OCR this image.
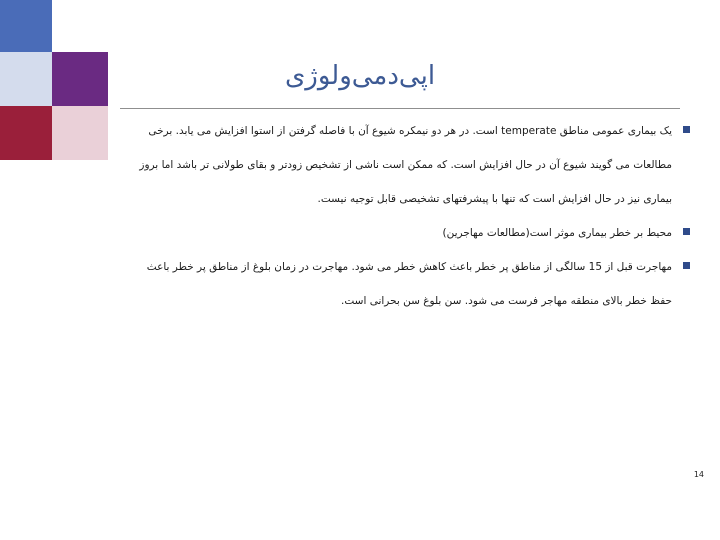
اپی‌دمی‌ولوژی
یک بیماری عمومی مناطق temperate است. در هر دو نیمکره شیوع آن با فاصله گرفتن از استوا افزایش می یابد. برخی مطالعات می گویند شیوع آن در حال افزایش است. که ممکن است ناشی از تشخیص زودتر و بقای طولانی تر باشد اما بروز بیماری نیز در حال افزایش است که تنها با پیشرفتهای تشخیصی قابل توجیه نیست.
محیط بر خطر بیماری موثر است(مطالعات مهاجرین)
مهاجرت قبل از 15 سالگی از مناطق پر خطر باعث کاهش خطر می شود. مهاجرت در زمان بلوغ از مناطق پر خطر باعث حفظ خطر بالای منطقه مهاجر فرست می شود. سن بلوغ سن بحرانی است.
14
